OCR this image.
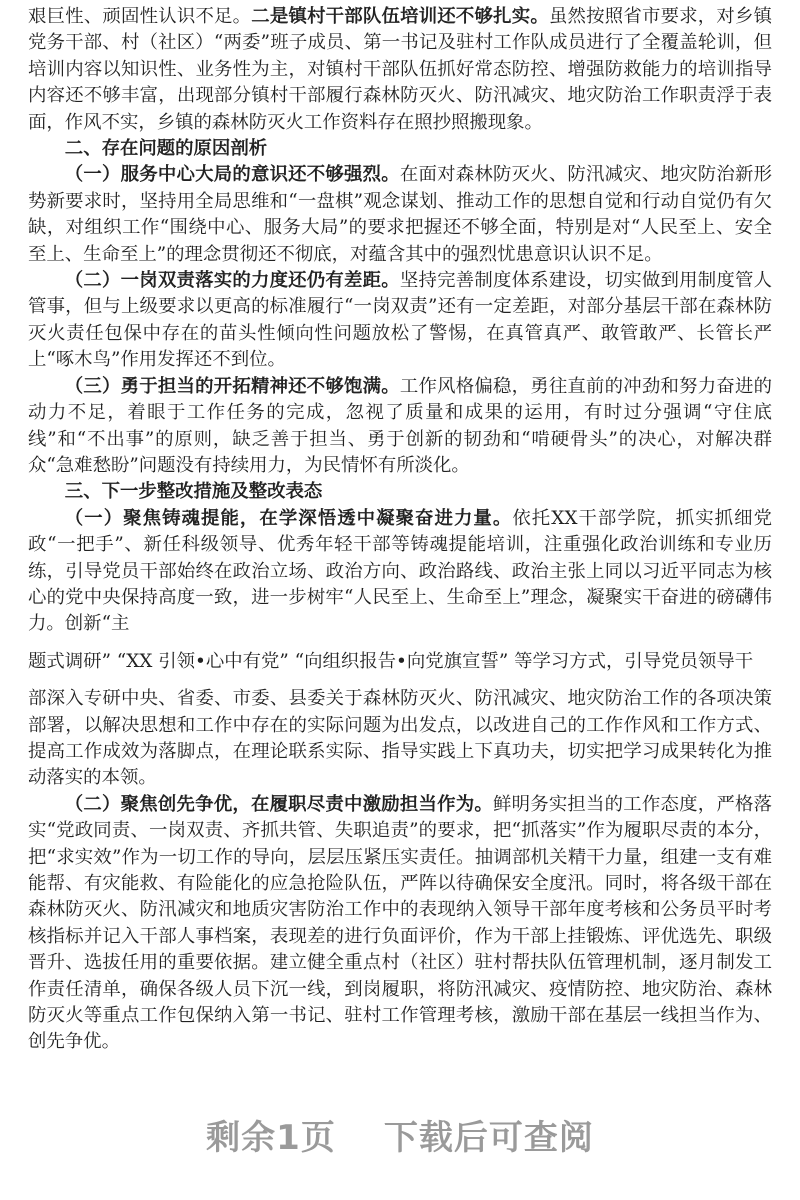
艰巨性、顽固性认识不足。二是镇村干部队伍培训还不够扎实。虽然按照省市要求，对乡镇党务干部、村（社区）“两委”班子成员、第一书记及驻村工作队成员进行了全覆盖轮训，但培训内容以知识性、业务性为主，对镇村干部队伍抓好常态防控、增强防救能力的培训指导内容还不够丰富，出现部分镇村干部履行森林防灭火、防汛减灾、地灾防治工作职责浮于表面，作风不实，乡镇的森林防灭火工作资料存在照抄照搬现象。

二、存在问题的原因剖析

（一）服务中心大局的意识还不够强烈。在面对森林防灭火、防汛减灾、地灾防治新形势新要求时，坚持用全局思维和“一盘棋”观念谋划、推动工作的思想自觉和行动自觉仍有欠缺，对组织工作“围绕中心、服务大局”的要求把握还不够全面，特别是对“人民至上、安全至上、生命至上”的理念贯彻还不彻底，对蕴含其中的强烈忧患意识认识不足。

（二）一岗双责落实的力度还仍有差距。坚持完善制度体系建设，切实做到用制度管人管事，但与上级要求以更高的标准履行“一岗双责”还有一定差距，对部分基层干部在森林防灭火责任包保中存在的苗头性倾向性问题放松了警惕，在真管真严、敢管敢严、长管长严上“啄木鸟”作用发挥还不到位。

（三）勇于担当的开拓精神还不够饱满。工作风格偏稳，勇往直前的冲劲和努力奋进的动力不足，着眼于工作任务的完成，忽视了质量和成果的运用，有时过分强调“守住底线”和“不出事”的原则，缺乏善于担当、勇于创新的韧劲和“啃硬骨头”的决心，对解决群众“急难愁盼”问题没有持续用力，为民情怀有所淡化。

三、下一步整改措施及整改表态

（一）聚焦铸魂提能，在学深悟透中凝聚奋进力量。依托XX干部学院，抓实抓细党政“一把手”、新任科级领导、优秀年轻干部等铸魂提能培训，注重强化政治训练和专业历练，引导党员干部始终在政治立场、政治方向、政治路线、政治主张上同以习近平同志为核心的党中央保持高度一致，进一步树牢“人民至上、生命至上”理念，凝聚实干奋进的磅礴伟力。创新“主

题式调研” “XX 引领•心中有党” “向组织报告•向党旗宣誓” 等学习方式，引导党员领导干

部深入专研中央、省委、市委、县委关于森林防灭火、防汛减灾、地灾防治工作的各项决策部署，以解决思想和工作中存在的实际问题为出发点，以改进自己的工作作风和工作方式、提高工作成效为落脚点，在理论联系实际、指导实践上下真功夫，切实把学习成果转化为推动落实的本领。

（二）聚焦创先争优，在履职尽责中激励担当作为。鲜明务实担当的工作态度，严格落实“党政同责、一岗双责、齐抓共管、失职追责”的要求，把“抓落实”作为履职尽责的本分，把“求实效”作为一切工作的导向，层层压紧压实责任。抽调部机关精干力量，组建一支有难能帮、有灾能救、有险能化的应急抢险队伍，严阵以待确保安全度汛。同时，将各级干部在森林防灭火、防汛减灾和地质灾害防治工作中的表现纳入领导干部年度考核和公务员平时考核指标并记入干部人事档案，表现差的进行负面评价，作为干部上挂锻炼、评优选先、职级晋升、选拔任用的重要依据。建立健全重点村（社区）驻村帮扶队伍管理机制，逐月制发工作责任清单，确保各级人员下沉一线，到岗履职，将防汛减灾、疫情防控、地灾防治、森林防灭火等重点工作包保纳入第一书记、驻村工作管理考核，激励干部在基层一线担当作为、创先争优。

剩余1页 下载后可查阅
